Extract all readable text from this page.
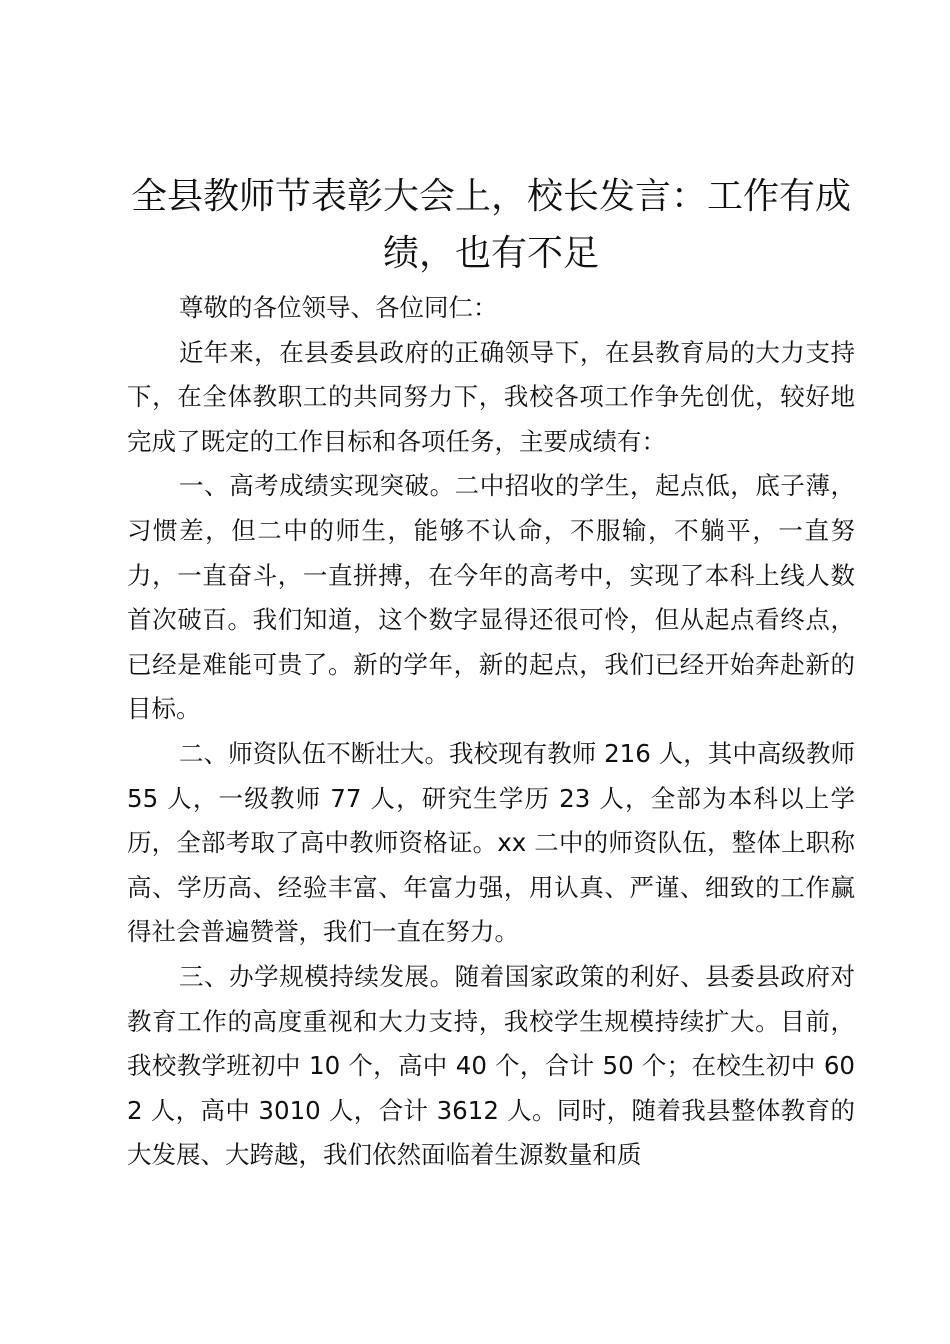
全县教师节表彰大会上，校长发言：工作有成绩，也有不足

尊敬的各位领导、各位同仁：

近年来，在县委县政府的正确领导下，在县教育局的大力支持下，在全体教职工的共同努力下，我校各项工作争先创优，较好地完成了既定的工作目标和各项任务，主要成绩有：

一、高考成绩实现突破。二中招收的学生，起点低，底子薄，习惯差，但二中的师生，能够不认命，不服输，不躺平，一直努力，一直奋斗，一直拼搏，在今年的高考中，实现了本科上线人数首次破百。我们知道，这个数字显得还很可怜，但从起点看终点，已经是难能可贵了。新的学年，新的起点，我们已经开始奔赴新的目标。

二、师资队伍不断壮大。我校现有教师 216 人，其中高级教师 55 人，一级教师 77 人，研究生学历 23 人，全部为本科以上学历，全部考取了高中教师资格证。xx 二中的师资队伍，整体上职称高、学历高、经验丰富、年富力强，用认真、严谨、细致的工作赢得社会普遍赞誉，我们一直在努力。

三、办学规模持续发展。随着国家政策的利好、县委县政府对教育工作的高度重视和大力支持，我校学生规模持续扩大。目前，我校教学班初中 10 个，高中 40 个，合计 50 个；在校生初中 602 人，高中 3010 人，合计 3612 人。同时，随着我县整体教育的大发展、大跨越，我们依然面临着生源数量和质
